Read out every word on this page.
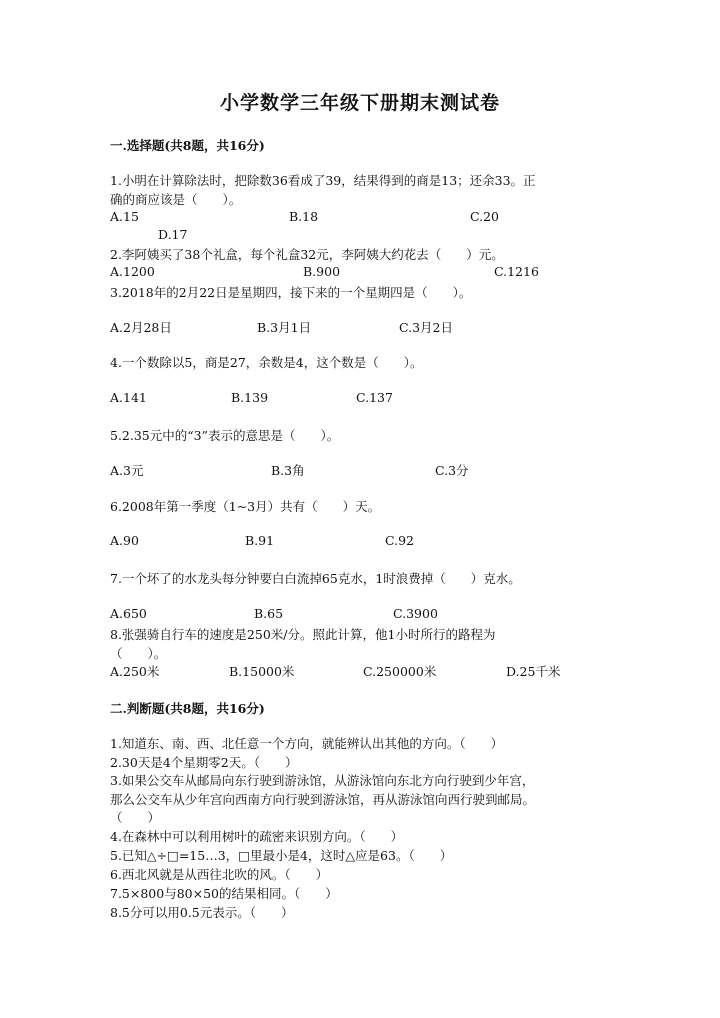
小学数学三年级下册期末测试卷
一.选择题(共8题，共16分)
1.小明在计算除法时，把除数36看成了39，结果得到的商是13；还余33。正
确的商应该是（　　）。
A.15	B.18	C.20
D.17
2.李阿姨买了38个礼盒，每个礼盒32元，李阿姨大约花去（　　）元。
A.1200	B.900	C.1216
3.2018年的2月22日是星期四，接下来的一个星期四是（　　）。
A.2月28日	B.3月1日	C.3月2日
4.一个数除以5，商是27，余数是4，这个数是（　　）。
A.141	B.139	C.137
5.2.35元中的“3”表示的意思是（　　）。
A.3元	B.3角	C.3分
6.2008年第一季度（1~3月）共有（　　）天。
A.90	B.91	C.92
7.一个坏了的水龙头每分钟要白白流掉65克水，1时浪费掉（　　）克水。
A.650	B.65	C.3900
8.张强骑自行车的速度是250米/分。照此计算，他1小时所行的路程为
（　　）。
A.250米	B.15000米	C.250000米	D.25千米
二.判断题(共8题，共16分)
1.知道东、南、西、北任意一个方向，就能辨认出其他的方向。（　　）
2.30天是4个星期零2天。（　　）
3.如果公交车从邮局向东行驶到游泳馆，从游泳馆向东北方向行驶到少年宫，
那么公交车从少年宫向西南方向行驶到游泳馆，再从游泳馆向西行驶到邮局。
（　　）
4.在森林中可以利用树叶的疏密来识别方向。（　　）
5.已知△÷□=15…3，□里最小是4，这时△应是63。（　　）
6.西北风就是从西往北吹的风。（　　）
7.5×800与80×50的结果相同。（　　）
8.5分可以用0.5元表示。（　　）
